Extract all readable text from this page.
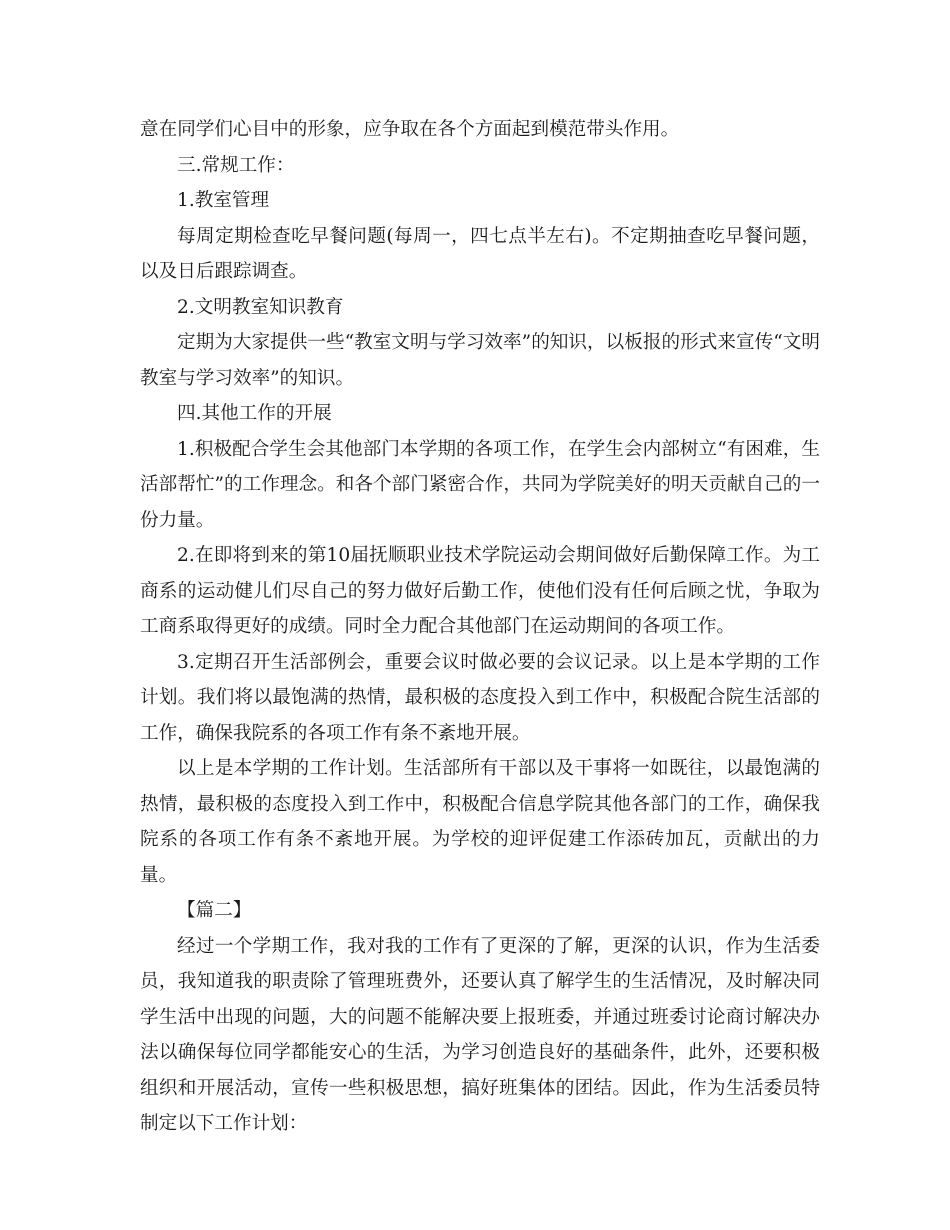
意在同学们心目中的形象，应争取在各个方面起到模范带头作用。

三.常规工作：

1.教室管理

每周定期检查吃早餐问题(每周一，四七点半左右)。不定期抽查吃早餐问题，以及日后跟踪调查。

2.文明教室知识教育

定期为大家提供一些“教室文明与学习效率”的知识，以板报的形式来宣传“文明教室与学习效率”的知识。

四.其他工作的开展

1.积极配合学生会其他部门本学期的各项工作，在学生会内部树立“有困难，生活部帮忙”的工作理念。和各个部门紧密合作，共同为学院美好的明天贡献自己的一份力量。

2.在即将到来的第10届抚顺职业技术学院运动会期间做好后勤保障工作。为工商系的运动健儿们尽自己的努力做好后勤工作，使他们没有任何后顾之忧，争取为工商系取得更好的成绩。同时全力配合其他部门在运动期间的各项工作。

3.定期召开生活部例会，重要会议时做必要的会议记录。以上是本学期的工作计划。我们将以最饱满的热情，最积极的态度投入到工作中，积极配合院生活部的工作，确保我院系的各项工作有条不紊地开展。

以上是本学期的工作计划。生活部所有干部以及干事将一如既往，以最饱满的热情，最积极的态度投入到工作中，积极配合信息学院其他各部门的工作，确保我院系的各项工作有条不紊地开展。为学校的迎评促建工作添砖加瓦，贡献出的力量。

【篇二】

经过一个学期工作，我对我的工作有了更深的了解，更深的认识，作为生活委员，我知道我的职责除了管理班费外，还要认真了解学生的生活情况，及时解决同学生活中出现的问题，大的问题不能解决要上报班委，并通过班委讨论商讨解决办法以确保每位同学都能安心的生活，为学习创造良好的基础条件，此外，还要积极组织和开展活动，宣传一些积极思想，搞好班集体的团结。因此，作为生活委员特制定以下工作计划：
